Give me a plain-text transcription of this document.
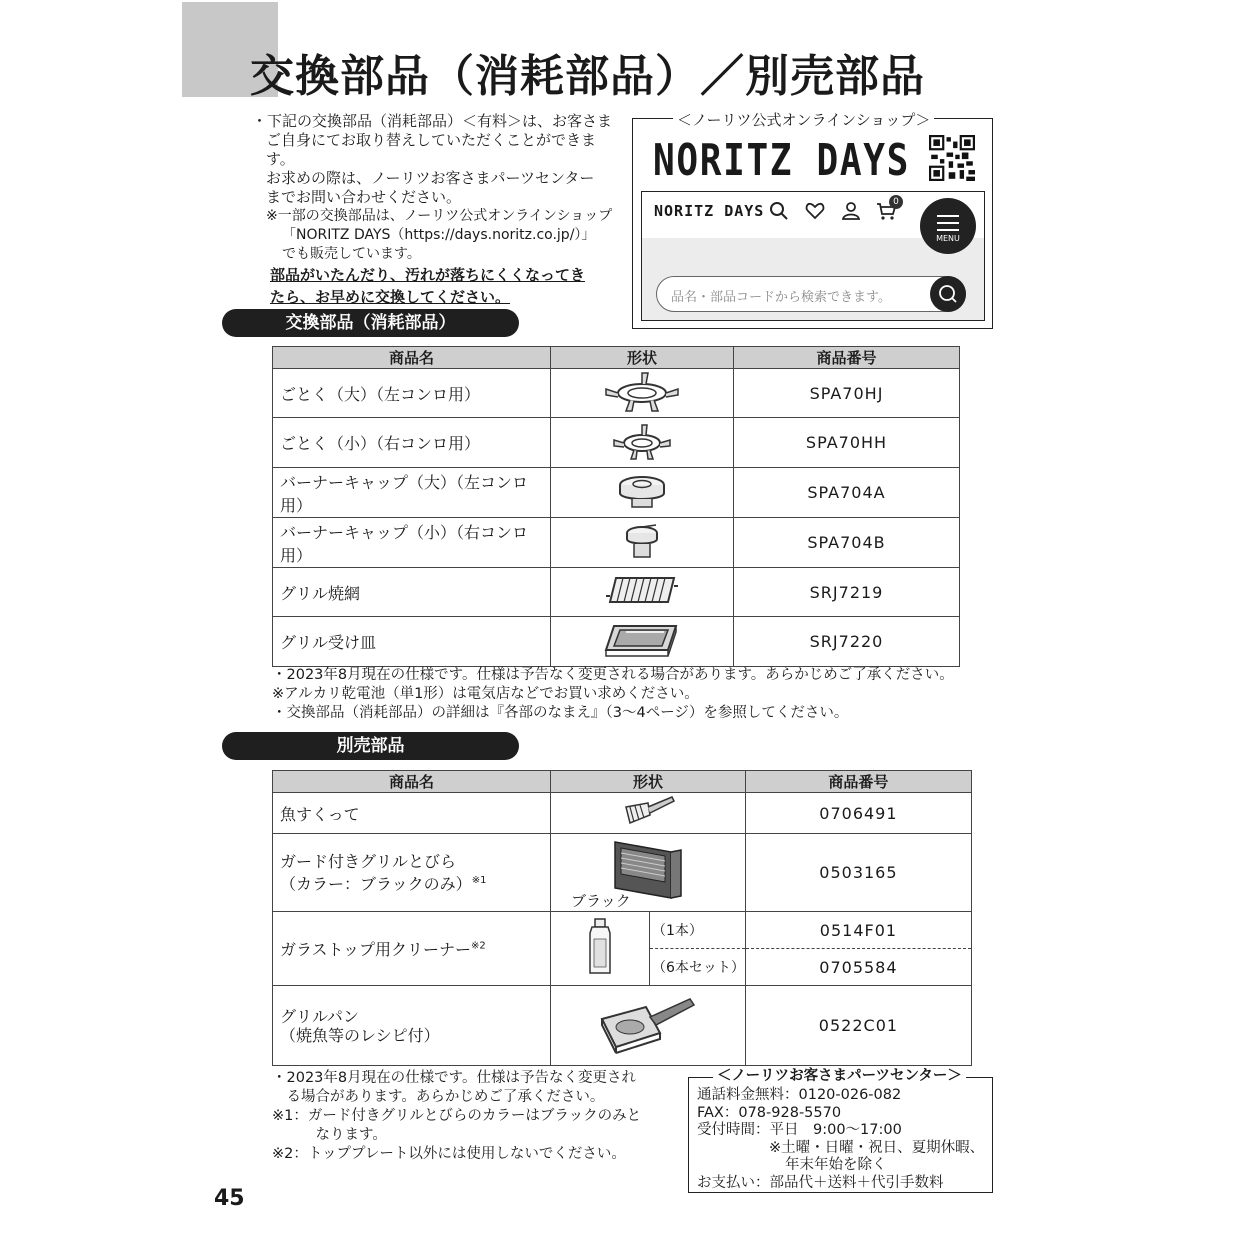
交換部品（消耗部品）／別売部品
・下記の交換部品（消耗部品）＜有料＞は、お客さま
ご自身にてお取り替えしていただくことができます。
お求めの際は、ノーリツお客さまパーツセンター
までお問い合わせください。
※一部の交換部品は、ノーリツ公式オンラインショップ
「NORITZ DAYS（https://days.noritz.co.jp/）」
でも販売しています。
部品がいたんだり、汚れが落ちにくくなってき
たら、お早めに交換してください。
＜ノーリツ公式オンラインショップ＞
NORITZ DAYS
NORITZ DAYS	0
品名・部品コードから検索できます。
MENU
交換部品（消耗部品）
商品名	形状	商品番号
ごとく（大）（左コンロ用）		SPA70HJ
ごとく（小）（右コンロ用）		SPA70HH
バーナーキャップ（大）（左コンロ用）		SPA704A
バーナーキャップ（小）（右コンロ用）		SPA704B
グリル焼網		SRJ7219
グリル受け皿		SRJ7220
・2023年8月現在の仕様です。仕様は予告なく変更される場合があります。あらかじめご了承ください。
※アルカリ乾電池（単1形）は電気店などでお買い求めください。
・交換部品（消耗部品）の詳細は『各部のなまえ』（3〜4ページ）を参照してください。
別売部品
商品名	形状		商品番号
魚すくって			0706491

ガード付きグリルとびら
（カラー：ブラックのみ）$^{※1}$	ブラック		0503165
ガラストップ用クリーナー$^{※2}$		（1本）	0514F01
		（6本セット）	0705584

グリルパン
（焼魚等のレシピ付）			0522C01
・2023年8月現在の仕様です。仕様は予告なく変更され
　る場合があります。あらかじめご了承ください。
※1：ガード付きグリルとびらのカラーはブラックのみと
　　　なります。
※2：トッププレート以外には使用しないでください。
＜ノーリツお客さまパーツセンター＞
通話料金無料：0120-026-082
FAX：078-928-5570
受付時間：平日　9:00〜17:00
※土曜・日曜・祝日、夏期休暇、
年末年始を除く
お支払い：部品代＋送料＋代引手数料
45
